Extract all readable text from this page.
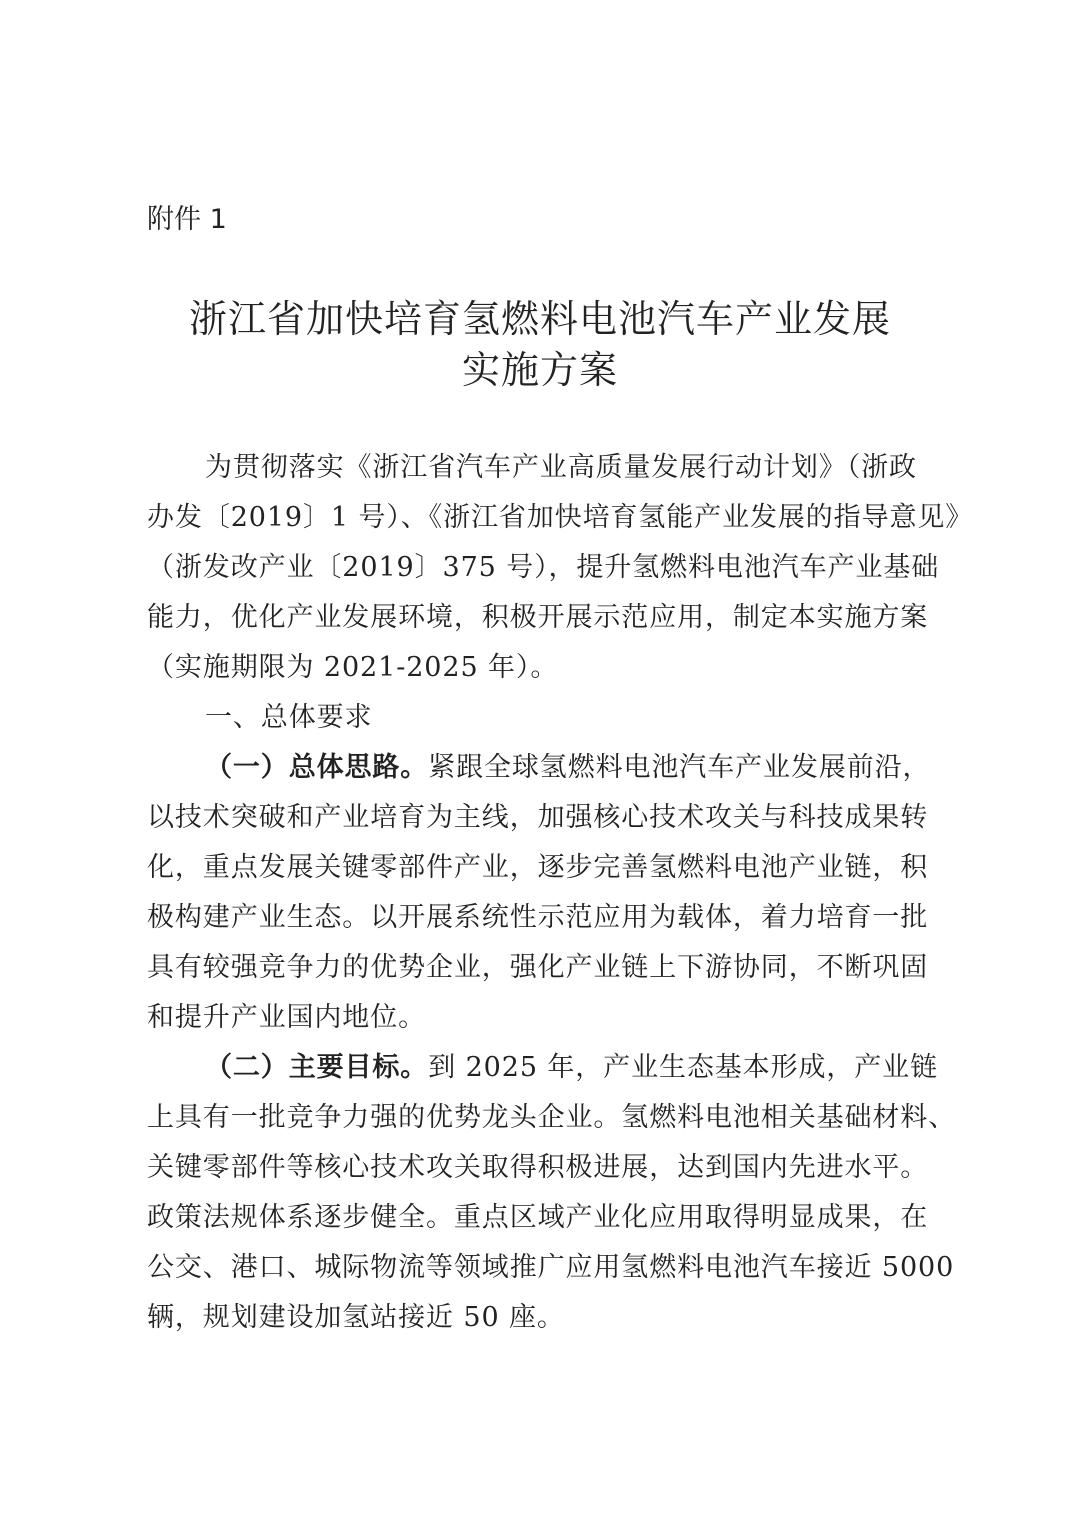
附件 1
浙江省加快培育氢燃料电池汽车产业发展
实施方案
为贯彻落实《浙江省汽车产业高质量发展行动计划》（浙政
办发〔2019〕1 号）、《浙江省加快培育氢能产业发展的指导意见》
（浙发改产业〔2019〕375 号），提升氢燃料电池汽车产业基础
能力，优化产业发展环境，积极开展示范应用，制定本实施方案
（实施期限为 2021-2025 年）。
一、总体要求
（一）总体思路。紧跟全球氢燃料电池汽车产业发展前沿，
以技术突破和产业培育为主线，加强核心技术攻关与科技成果转
化，重点发展关键零部件产业，逐步完善氢燃料电池产业链，积
极构建产业生态。以开展系统性示范应用为载体，着力培育一批
具有较强竞争力的优势企业，强化产业链上下游协同，不断巩固
和提升产业国内地位。
（二）主要目标。到 2025 年，产业生态基本形成，产业链
上具有一批竞争力强的优势龙头企业。氢燃料电池相关基础材料、
关键零部件等核心技术攻关取得积极进展，达到国内先进水平。
政策法规体系逐步健全。重点区域产业化应用取得明显成果，在
公交、港口、城际物流等领域推广应用氢燃料电池汽车接近 5000
辆，规划建设加氢站接近 50 座。
